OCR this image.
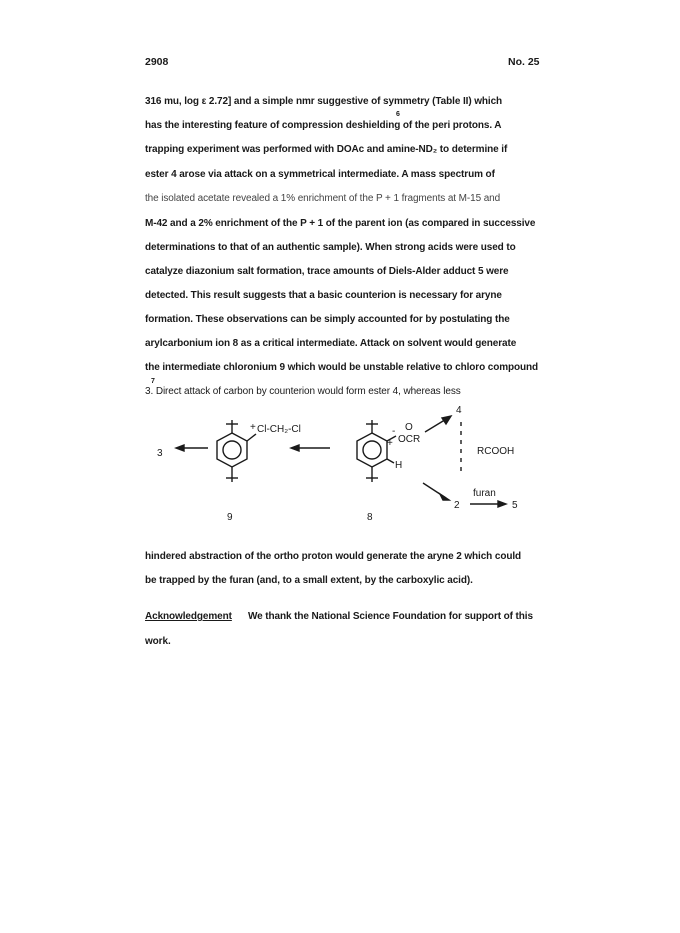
2908	No. 25
316 mu, log ε 2.72] and a simple nmr suggestive of symmetry (Table II) which
has the interesting feature of compression deshielding of the peri protons. A
6
trapping experiment was performed with DOAc and amine-ND₂ to determine if
ester 4 arose via attack on a symmetrical intermediate. A mass spectrum of
the isolated acetate revealed a 1% enrichment of the P + 1 fragments at M-15 and
M-42 and a 2% enrichment of the P + 1 of the parent ion (as compared in successive
determinations to that of an authentic sample). When strong acids were used to
catalyze diazonium salt formation, trace amounts of Diels-Alder adduct 5 were
detected. This result suggests that a basic counterion is necessary for aryne
formation. These observations can be simply accounted for by postulating the
arylcarbonium ion 8 as a critical intermediate. Attack on solvent would generate
the intermediate chloronium 9 which would be unstable relative to chloro compound
7
3. Direct attack of carbon by counterion would form ester 4, whereas less
3
Cl-CH₂-Cl
+
9
+
- O
OCR
H
8
4
RCOOH
furan
2	5
hindered abstraction of the ortho proton would generate the aryne 2 which could
be trapped by the furan (and, to a small extent, by the carboxylic acid).
Acknowledgement We thank the National Science Foundation for support of this
work.
